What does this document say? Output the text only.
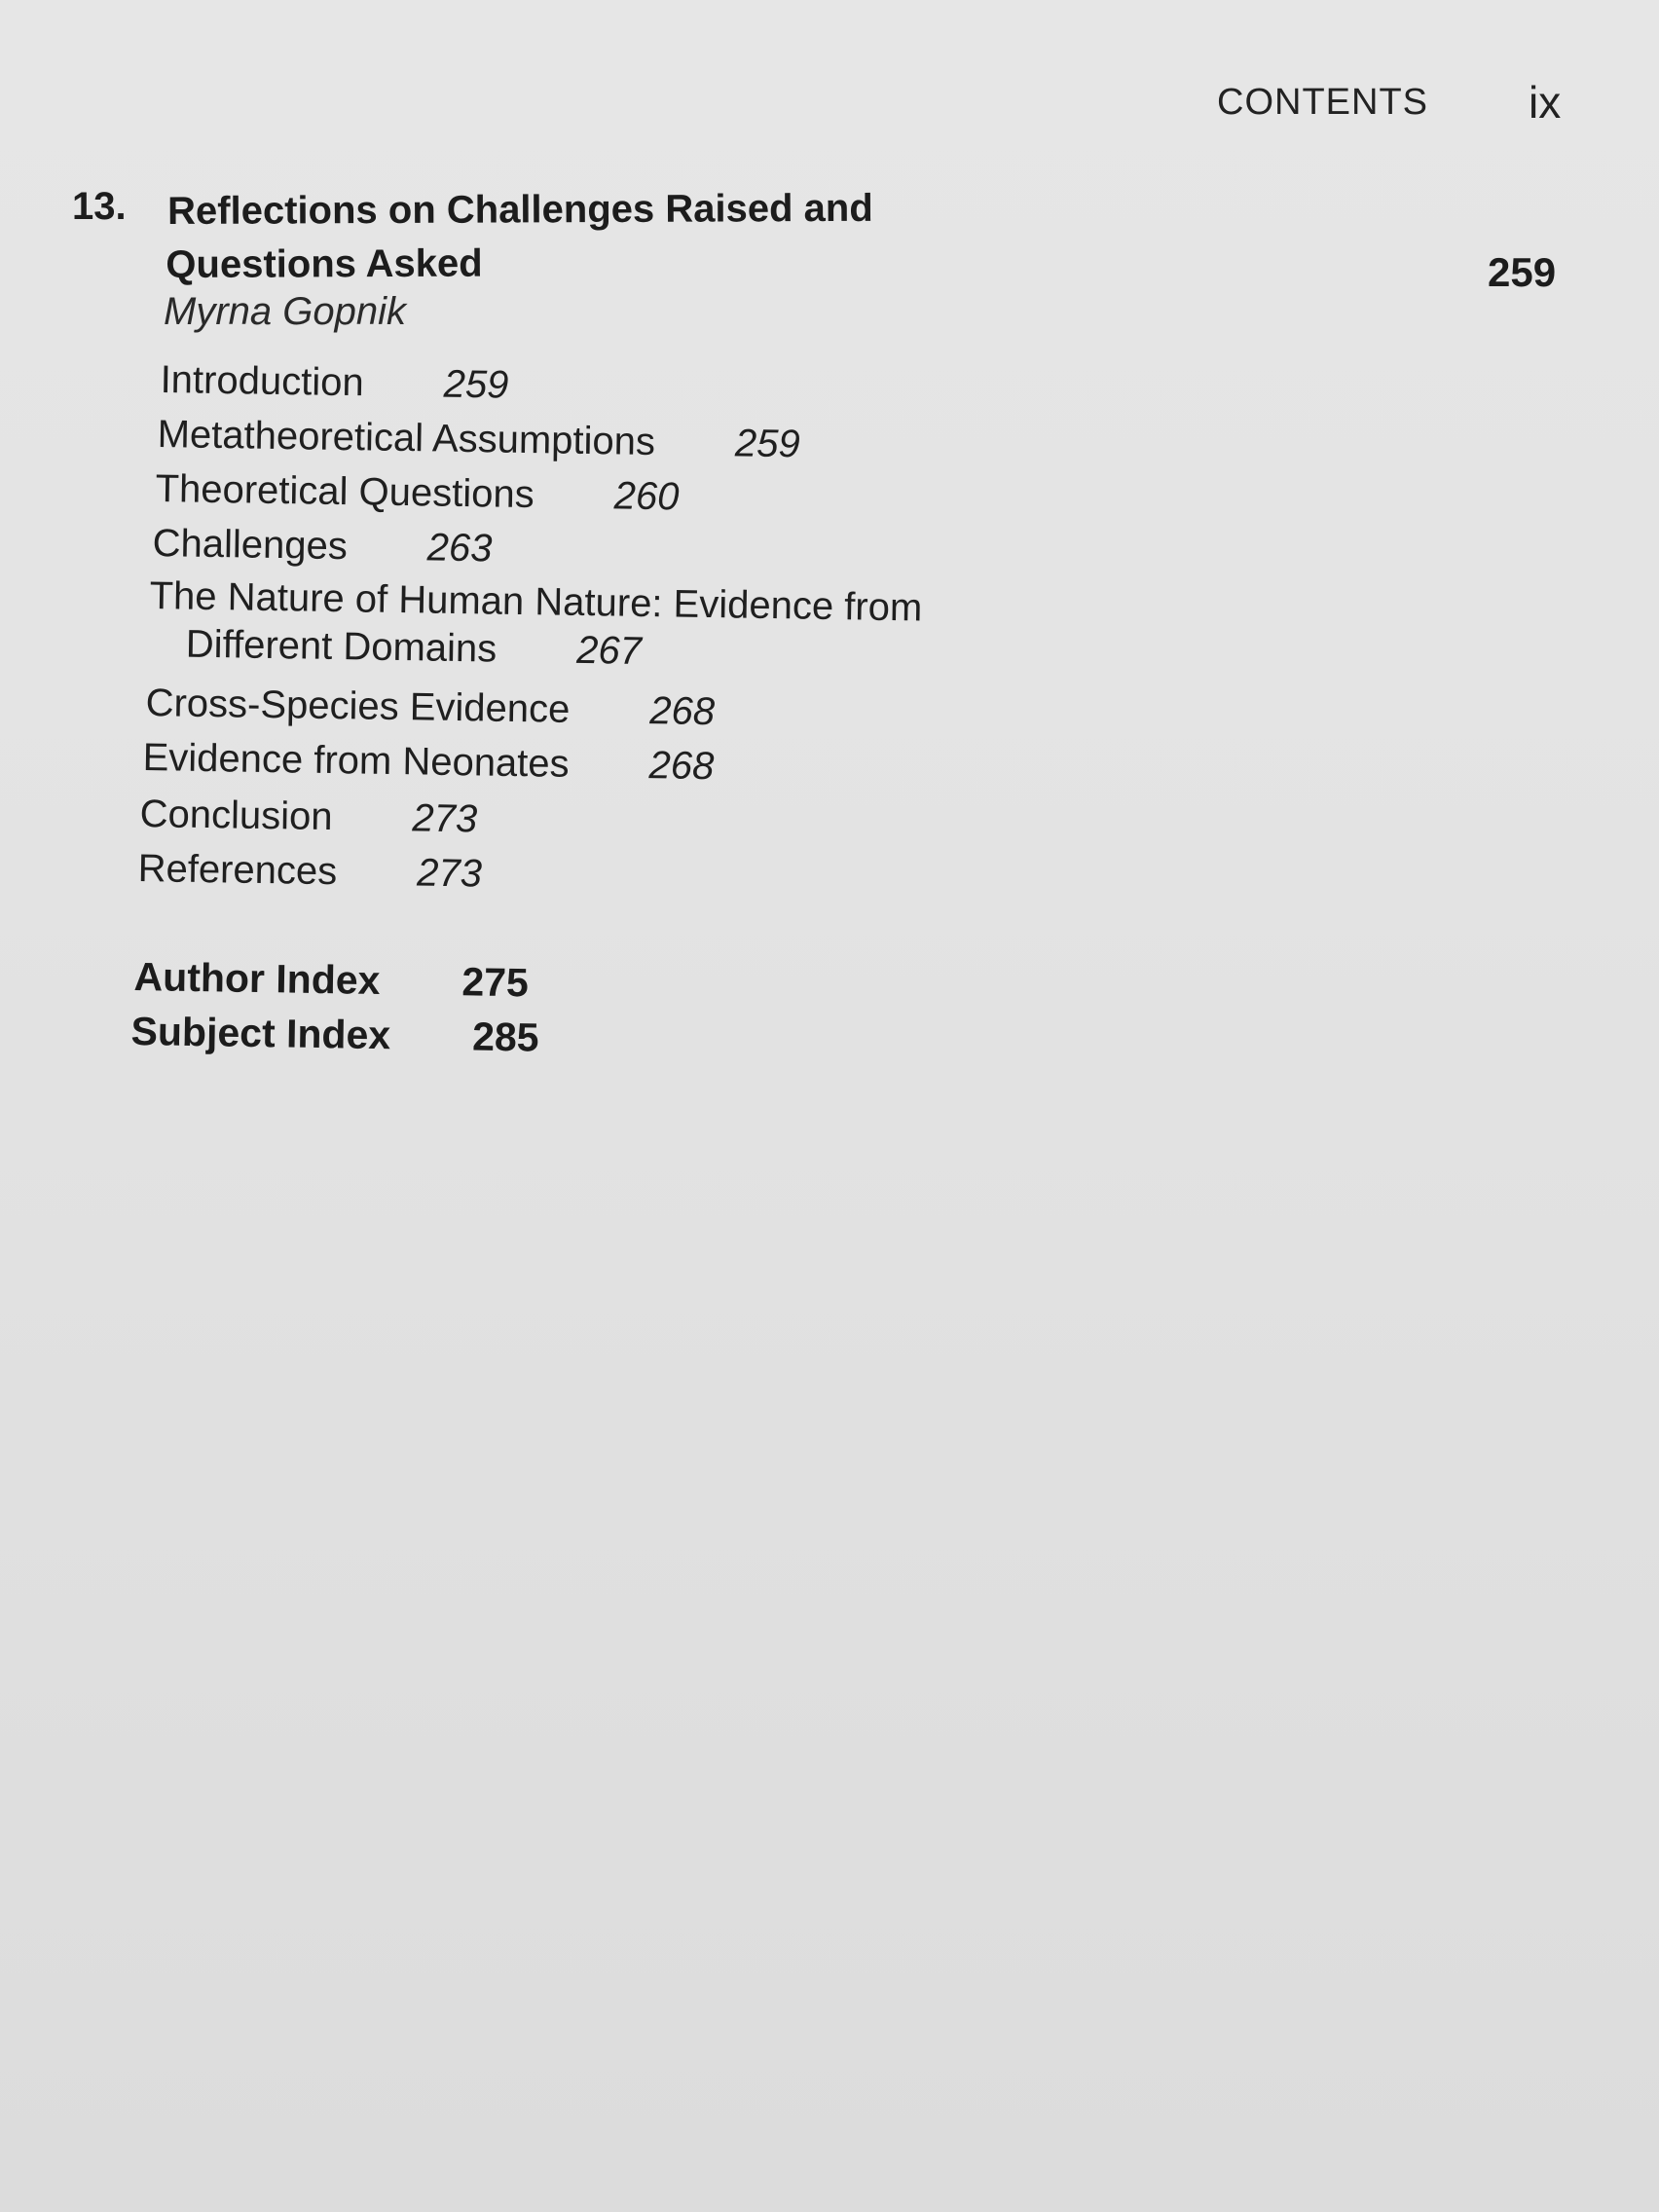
CONTENTS ix
13. Reflections on Challenges Raised and
Questions Asked	259
Myrna Gopnik
Introduction 259
Metatheoretical Assumptions 259
Theoretical Questions 260
Challenges 263
The Nature of Human Nature: Evidence from
Different Domains 267
Cross-Species Evidence 268
Evidence from Neonates 268
Conclusion 273
References 273
Author Index 275
Subject Index 285
